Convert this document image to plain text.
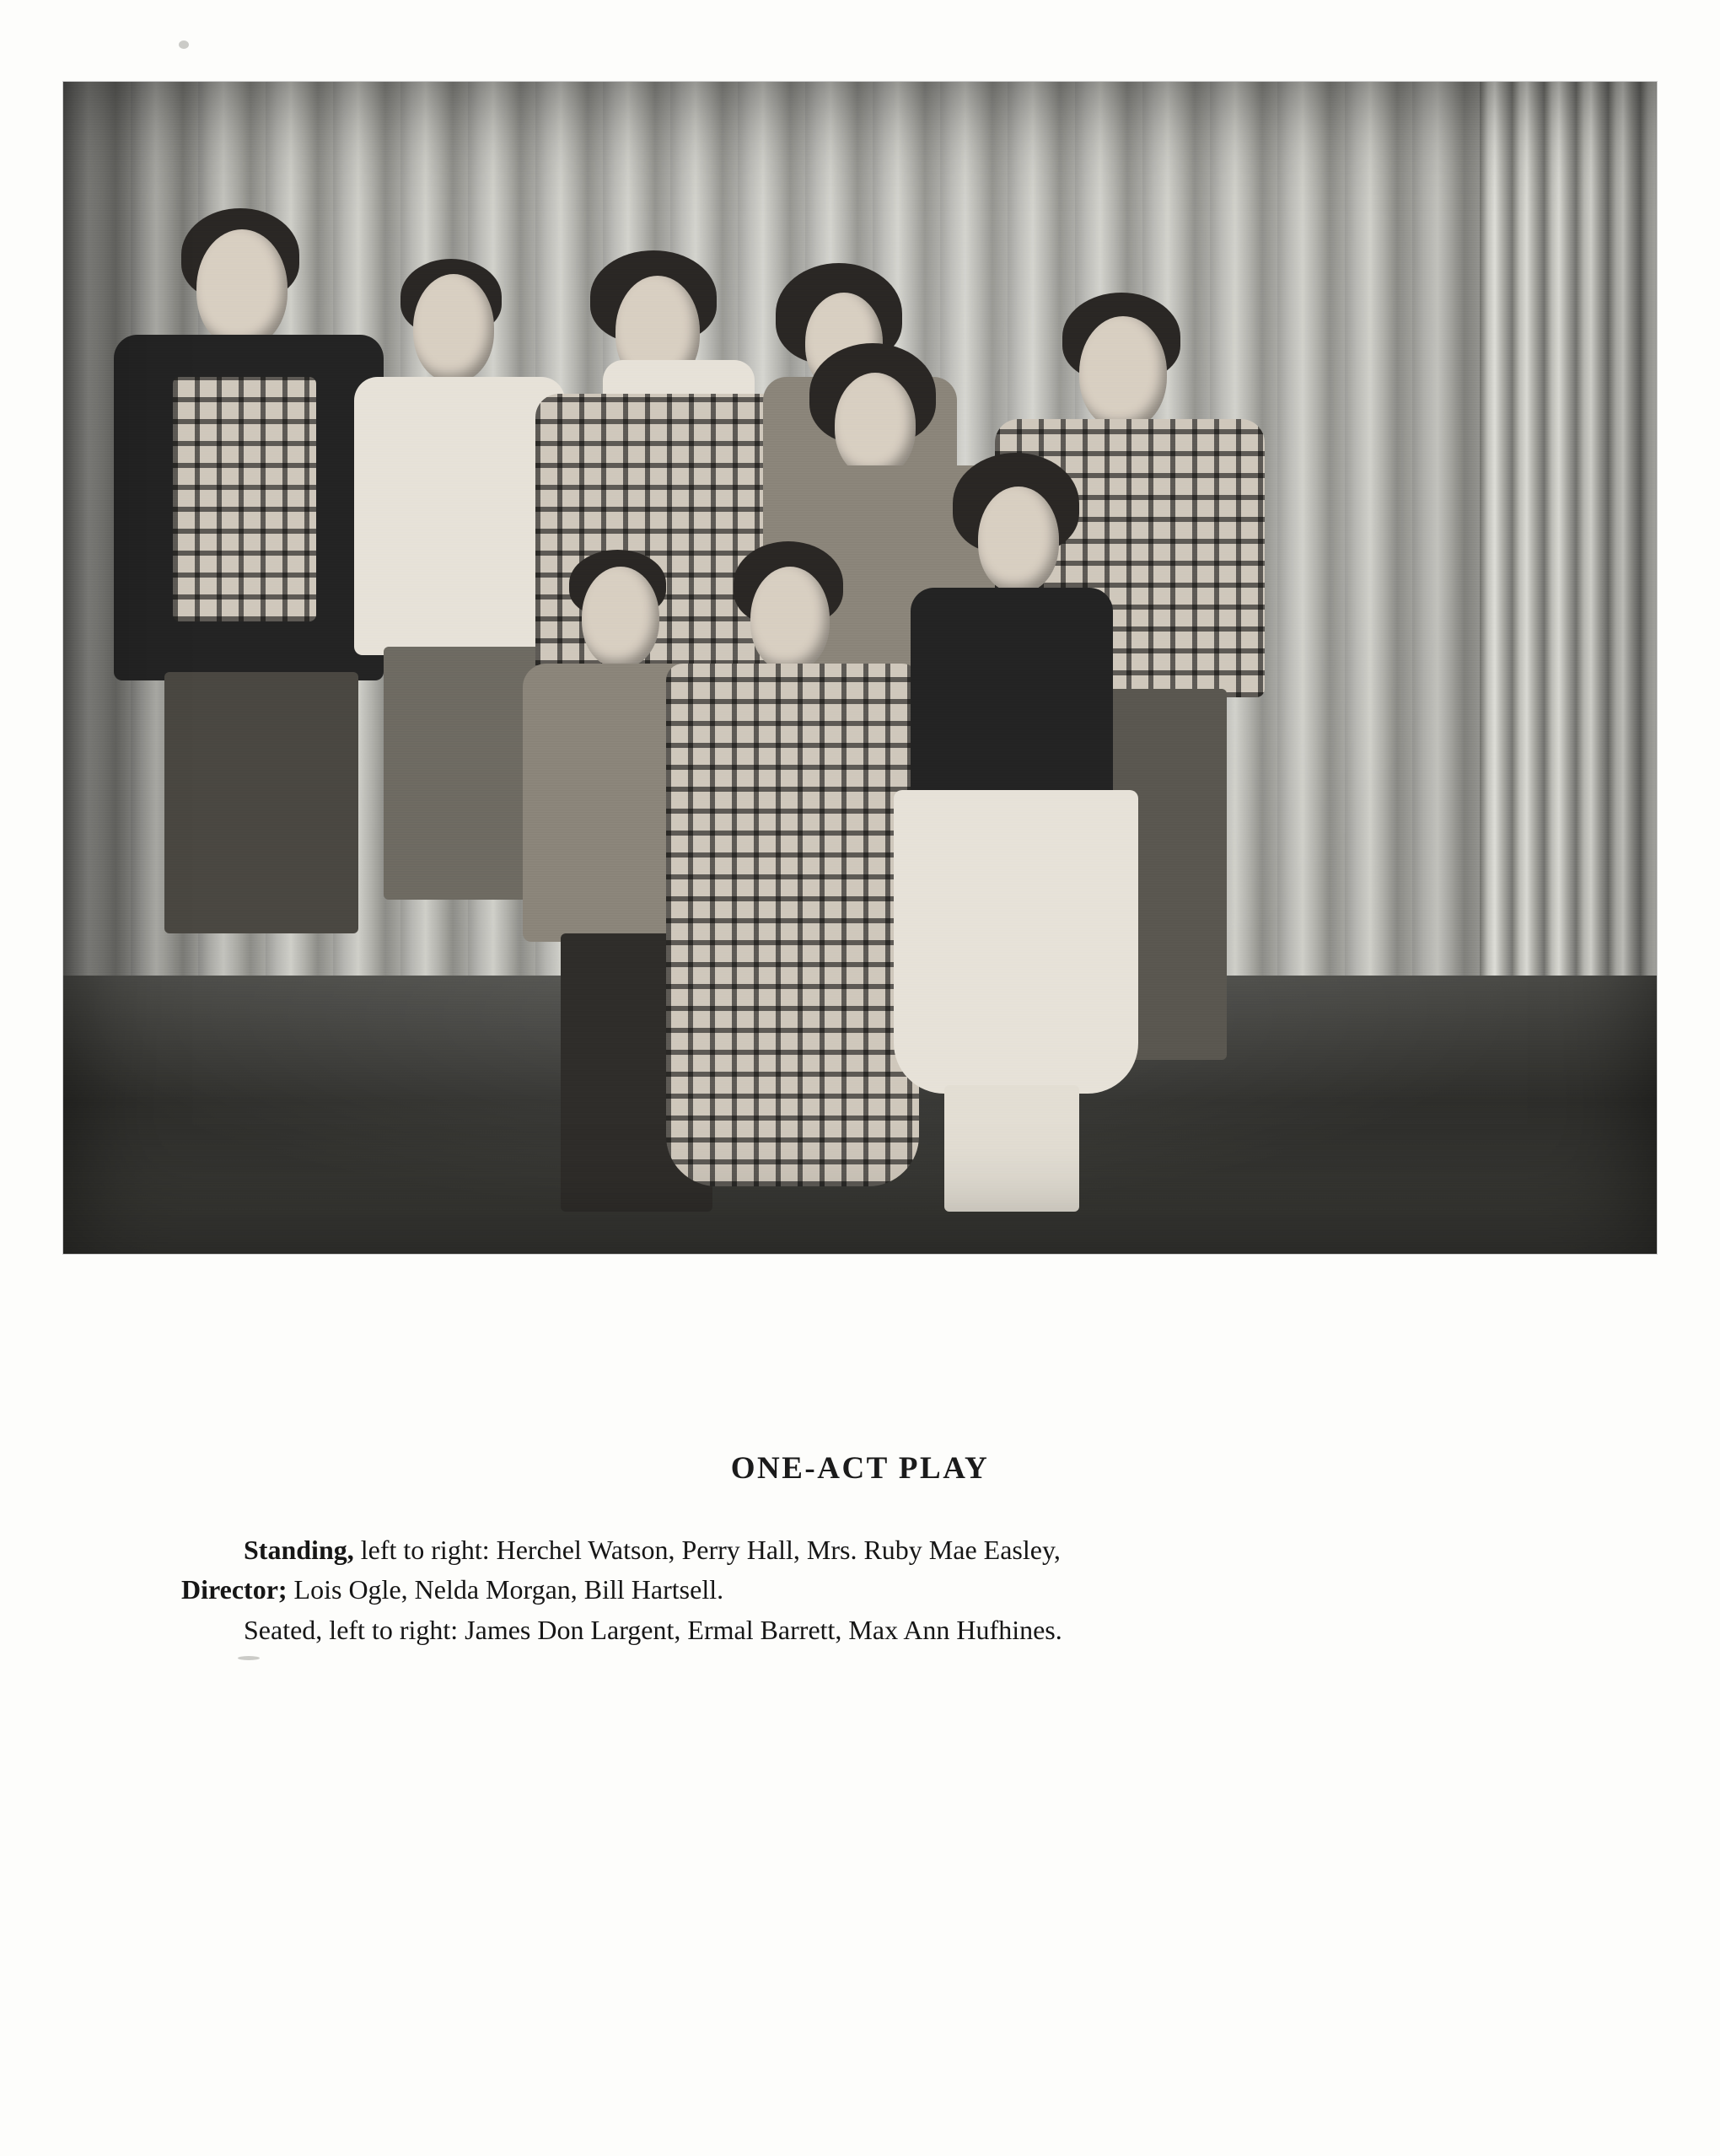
ONE-ACT PLAY
Standing, left to right: Herchel Watson, Perry Hall, Mrs. Ruby Mae Easley,
Director; Lois Ogle, Nelda Morgan, Bill Hartsell.
Seated, left to right: James Don Largent, Ermal Barrett, Max Ann Hufhines.
